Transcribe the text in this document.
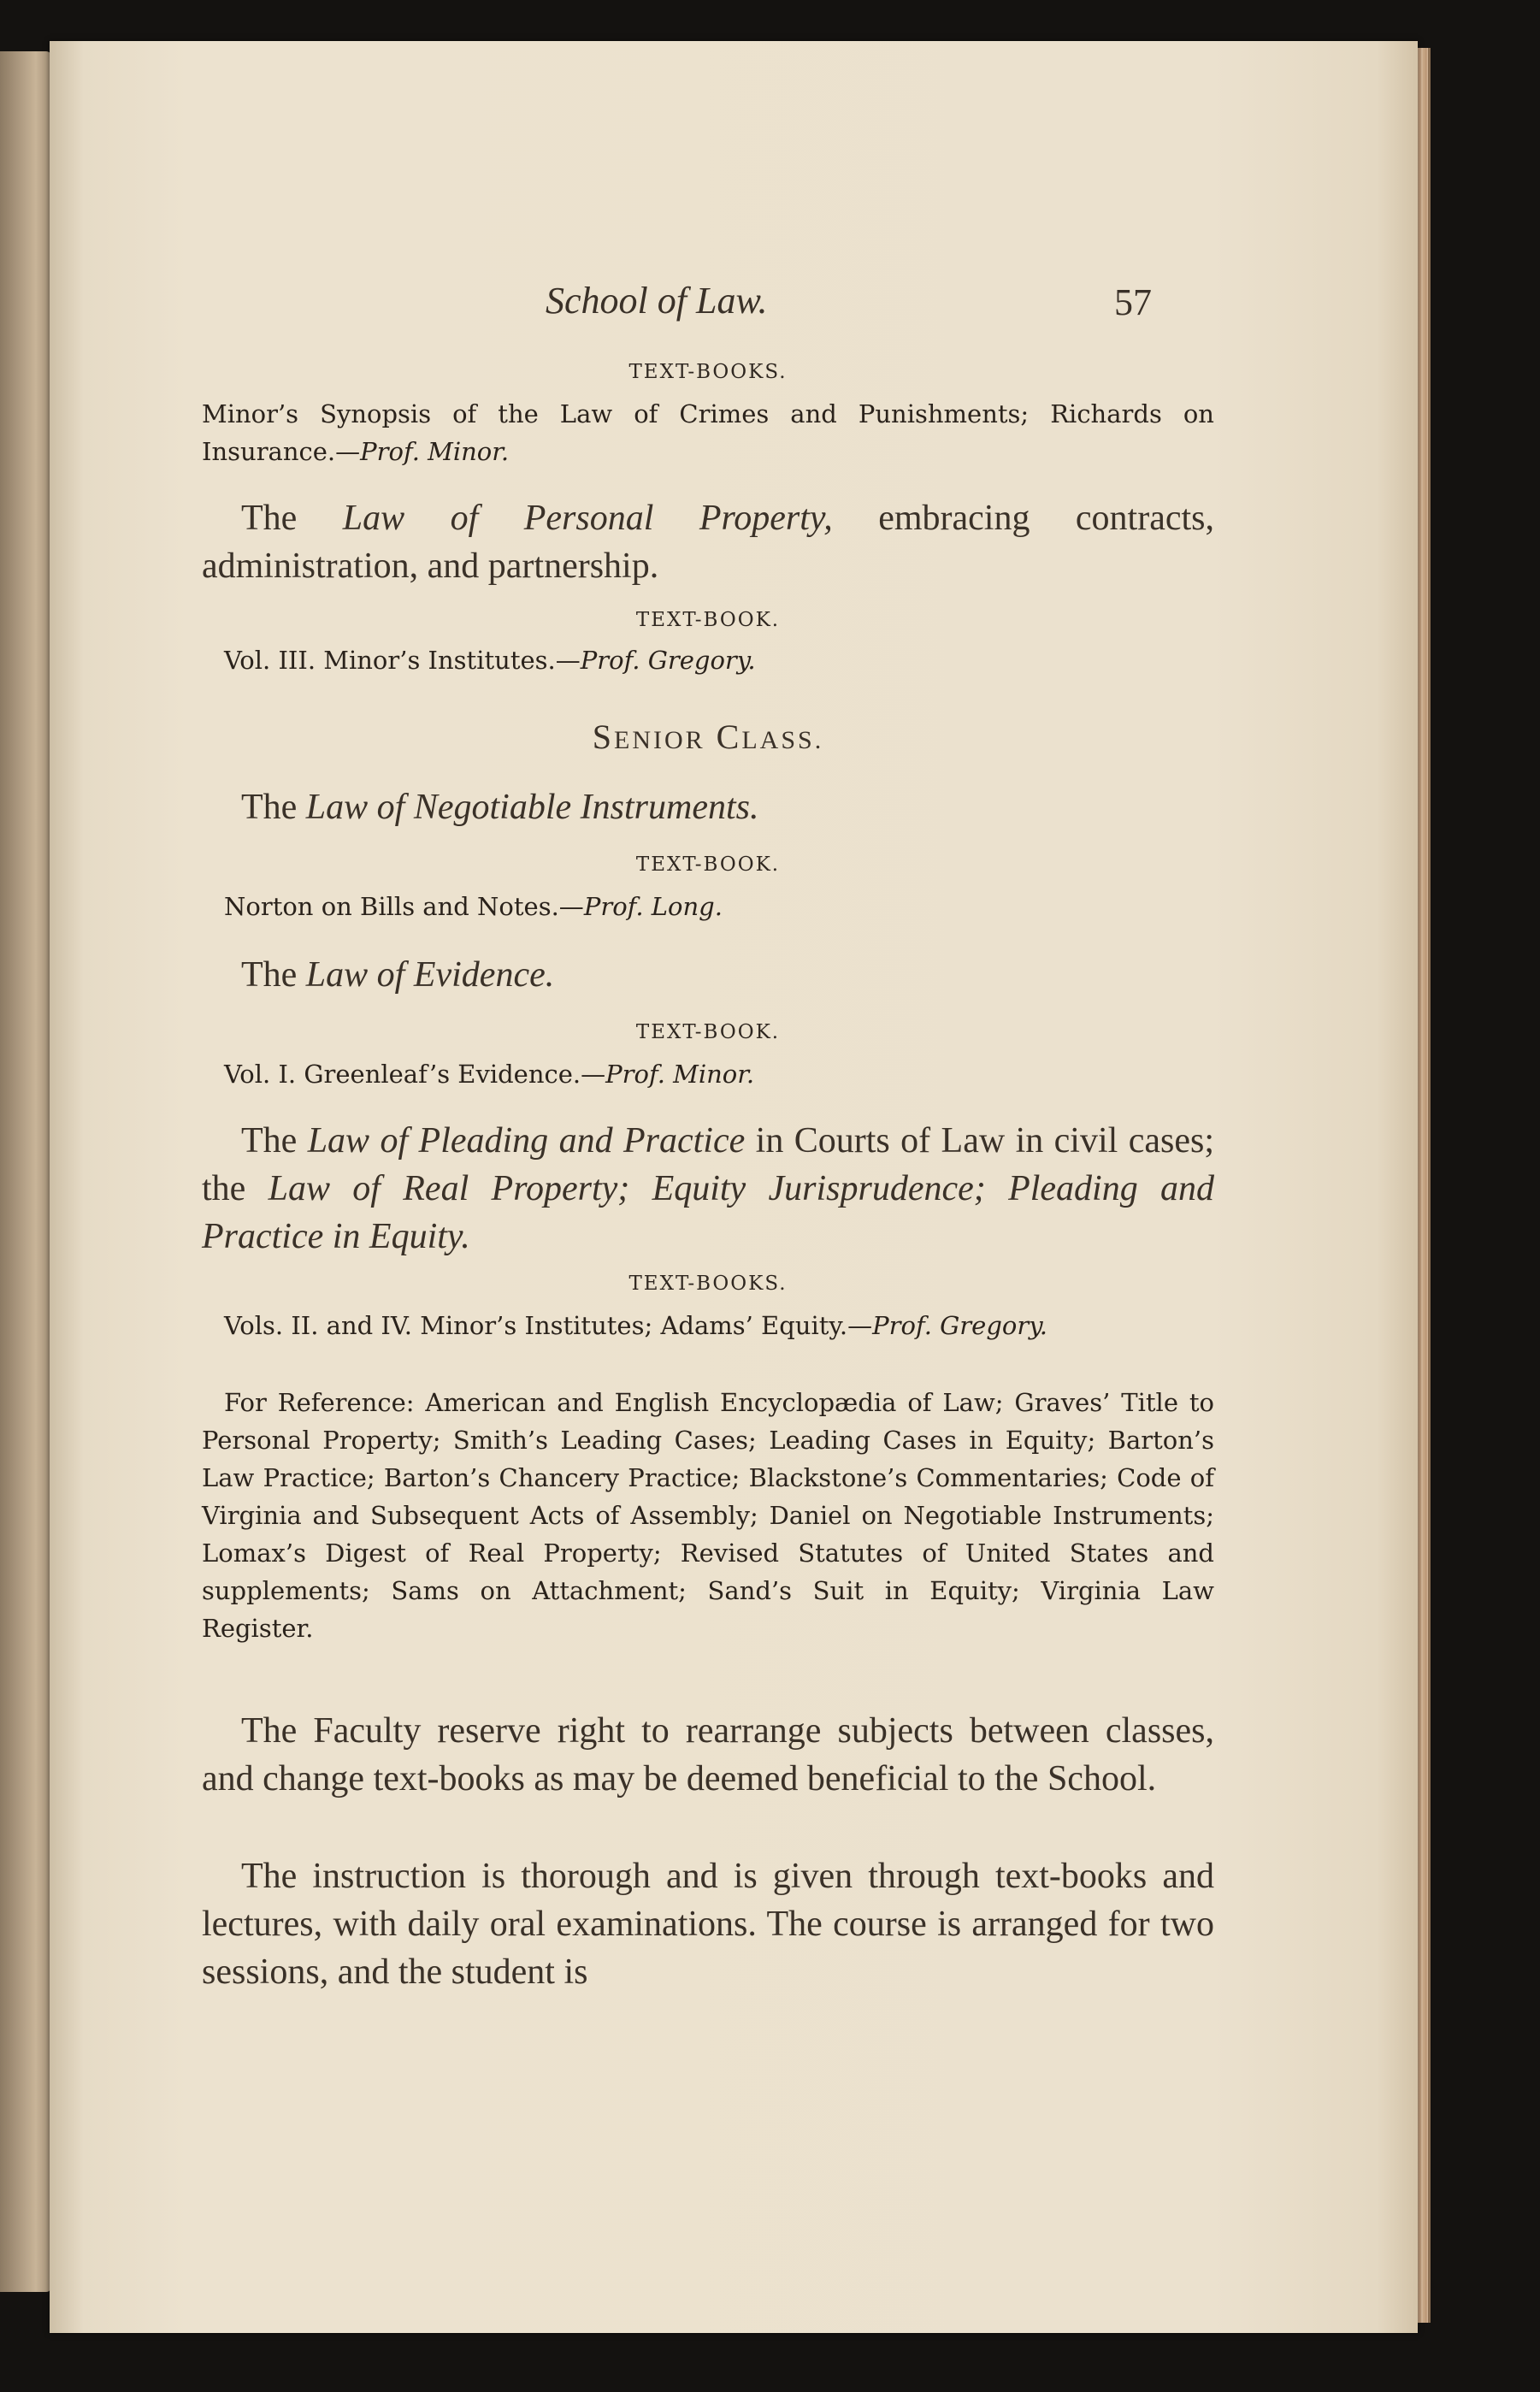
School of Law.	57
TEXT-BOOKS.
Minor’s Synopsis of the Law of Crimes and Punishments; Richards on Insurance.—Prof. Minor.
The Law of Personal Property, embracing contracts, administration, and partnership.
TEXT-BOOK.
Vol. III. Minor’s Institutes.—Prof. Gregory.
SENIOR CLASS.
The Law of Negotiable Instruments.
TEXT-BOOK.
Norton on Bills and Notes.—Prof. Long.
The Law of Evidence.
TEXT-BOOK.
Vol. I. Greenleaf’s Evidence.—Prof. Minor.
The Law of Pleading and Practice in Courts of Law in civil cases; the Law of Real Property; Equity Jurisprudence; Pleading and Practice in Equity.
TEXT-BOOKS.
Vols. II. and IV. Minor’s Institutes; Adams’ Equity.—Prof. Gregory.
For Reference: American and English Encyclopædia of Law; Graves’ Title to Personal Property; Smith’s Leading Cases; Leading Cases in Equity; Barton’s Law Practice; Barton’s Chancery Practice; Blackstone’s Commentaries; Code of Virginia and Subsequent Acts of Assembly; Daniel on Negotiable Instruments; Lomax’s Digest of Real Property; Revised Statutes of United States and supplements; Sams on Attachment; Sand’s Suit in Equity; Virginia Law Register.
The Faculty reserve right to rearrange subjects between classes, and change text-books as may be deemed beneficial to the School.
The instruction is thorough and is given through text-books and lectures, with daily oral examinations. The course is arranged for two sessions, and the student is
